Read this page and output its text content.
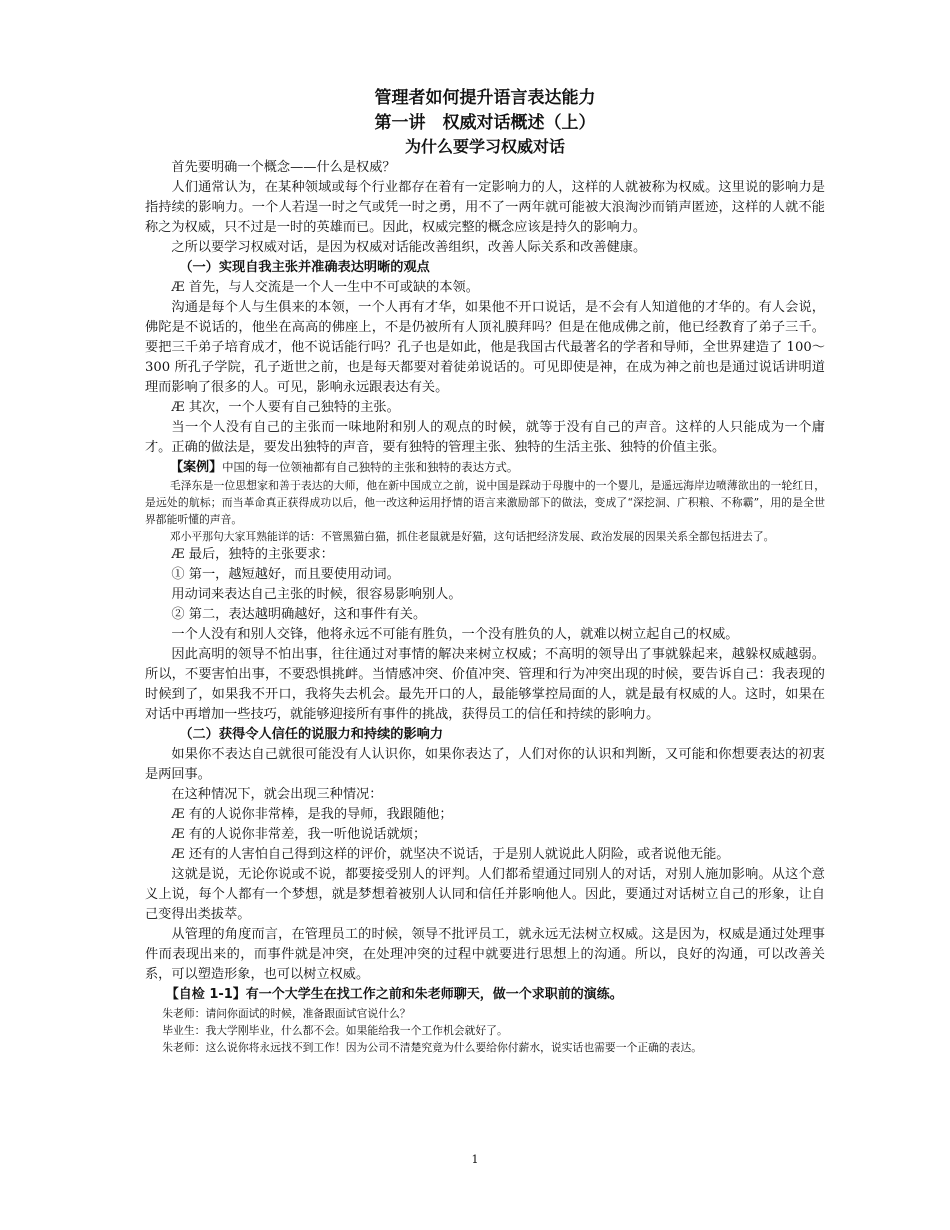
管理者如何提升语言表达能力

第一讲　权威对话概述（上）

为什么要学习权威对话

首先要明确一个概念——什么是权威？

人们通常认为，在某种领域或每个行业都存在着有一定影响力的人，这样的人就被称为权威。这里说的影响力是指持续的影响力。一个人若逞一时之气或凭一时之勇，用不了一两年就可能被大浪淘沙而销声匿迹，这样的人就不能称之为权威，只不过是一时的英雄而已。因此，权威完整的概念应该是持久的影响力。

之所以要学习权威对话，是因为权威对话能改善组织，改善人际关系和改善健康。

（一）实现自我主张并准确表达明晰的观点

Æ 首先，与人交流是一个人一生中不可或缺的本领。

沟通是每个人与生俱来的本领，一个人再有才华，如果他不开口说话，是不会有人知道他的才华的。有人会说，佛陀是不说话的，他坐在高高的佛座上，不是仍被所有人顶礼膜拜吗？但是在他成佛之前，他已经教育了弟子三千。要把三千弟子培育成才，他不说话能行吗？孔子也是如此，他是我国古代最著名的学者和导师，全世界建造了 100～300 所孔子学院，孔子逝世之前，也是每天都要对着徒弟说话的。可见即使是神，在成为神之前也是通过说话讲明道理而影响了很多的人。可见，影响永远跟表达有关。

Æ 其次，一个人要有自己独特的主张。

当一个人没有自己的主张而一味地附和别人的观点的时候，就等于没有自己的声音。这样的人只能成为一个庸才。正确的做法是，要发出独特的声音，要有独特的管理主张、独特的生活主张、独特的价值主张。

【案例】中国的每一位领袖都有自己独特的主张和独特的表达方式。

毛泽东是一位思想家和善于表达的大师，他在新中国成立之前，说中国是踩动于母腹中的一个婴儿，是遥远海岸边喷薄欲出的一轮红日，是远处的航标；而当革命真正获得成功以后，他一改这种运用抒情的语言来激励部下的做法，变成了“深挖洞、广积粮、不称霸”，用的是全世界都能听懂的声音。

邓小平那句大家耳熟能详的话：不管黑猫白猫，抓住老鼠就是好猫，这句话把经济发展、政治发展的因果关系全都包括进去了。

Æ 最后，独特的主张要求：

① 第一，越短越好，而且要使用动词。

用动词来表达自己主张的时候，很容易影响别人。

② 第二，表达越明确越好，这和事件有关。

一个人没有和别人交锋，他将永远不可能有胜负，一个没有胜负的人，就难以树立起自己的权威。

因此高明的领导不怕出事，往往通过对事情的解决来树立权威；不高明的领导出了事就躲起来，越躲权威越弱。所以，不要害怕出事，不要恐惧挑衅。当情感冲突、价值冲突、管理和行为冲突出现的时候，要告诉自己：我表现的时候到了，如果我不开口，我将失去机会。最先开口的人，最能够掌控局面的人，就是最有权威的人。这时，如果在对话中再增加一些技巧，就能够迎接所有事件的挑战，获得员工的信任和持续的影响力。

（二）获得令人信任的说服力和持续的影响力

如果你不表达自己就很可能没有人认识你，如果你表达了，人们对你的认识和判断，又可能和你想要表达的初衷是两回事。

在这种情况下，就会出现三种情况：

Æ 有的人说你非常棒，是我的导师，我跟随他；

Æ 有的人说你非常差，我一听他说话就烦；

Æ 还有的人害怕自己得到这样的评价，就坚决不说话，于是别人就说此人阴险，或者说他无能。

这就是说，无论你说或不说，都要接受别人的评判。人们都希望通过同别人的对话，对别人施加影响。从这个意义上说，每个人都有一个梦想，就是梦想着被别人认同和信任并影响他人。因此，要通过对话树立自己的形象，让自己变得出类拔萃。

从管理的角度而言，在管理员工的时候，领导不批评员工，就永远无法树立权威。这是因为，权威是通过处理事件而表现出来的，而事件就是冲突，在处理冲突的过程中就要进行思想上的沟通。所以，良好的沟通，可以改善关系，可以塑造形象，也可以树立权威。

【自检 1-1】有一个大学生在找工作之前和朱老师聊天，做一个求职前的演练。

朱老师：请问你面试的时候，准备跟面试官说什么？

毕业生：我大学刚毕业，什么都不会。如果能给我一个工作机会就好了。

朱老师：这么说你将永远找不到工作！因为公司不清楚究竟为什么要给你付薪水，说实话也需要一个正确的表达。

1
